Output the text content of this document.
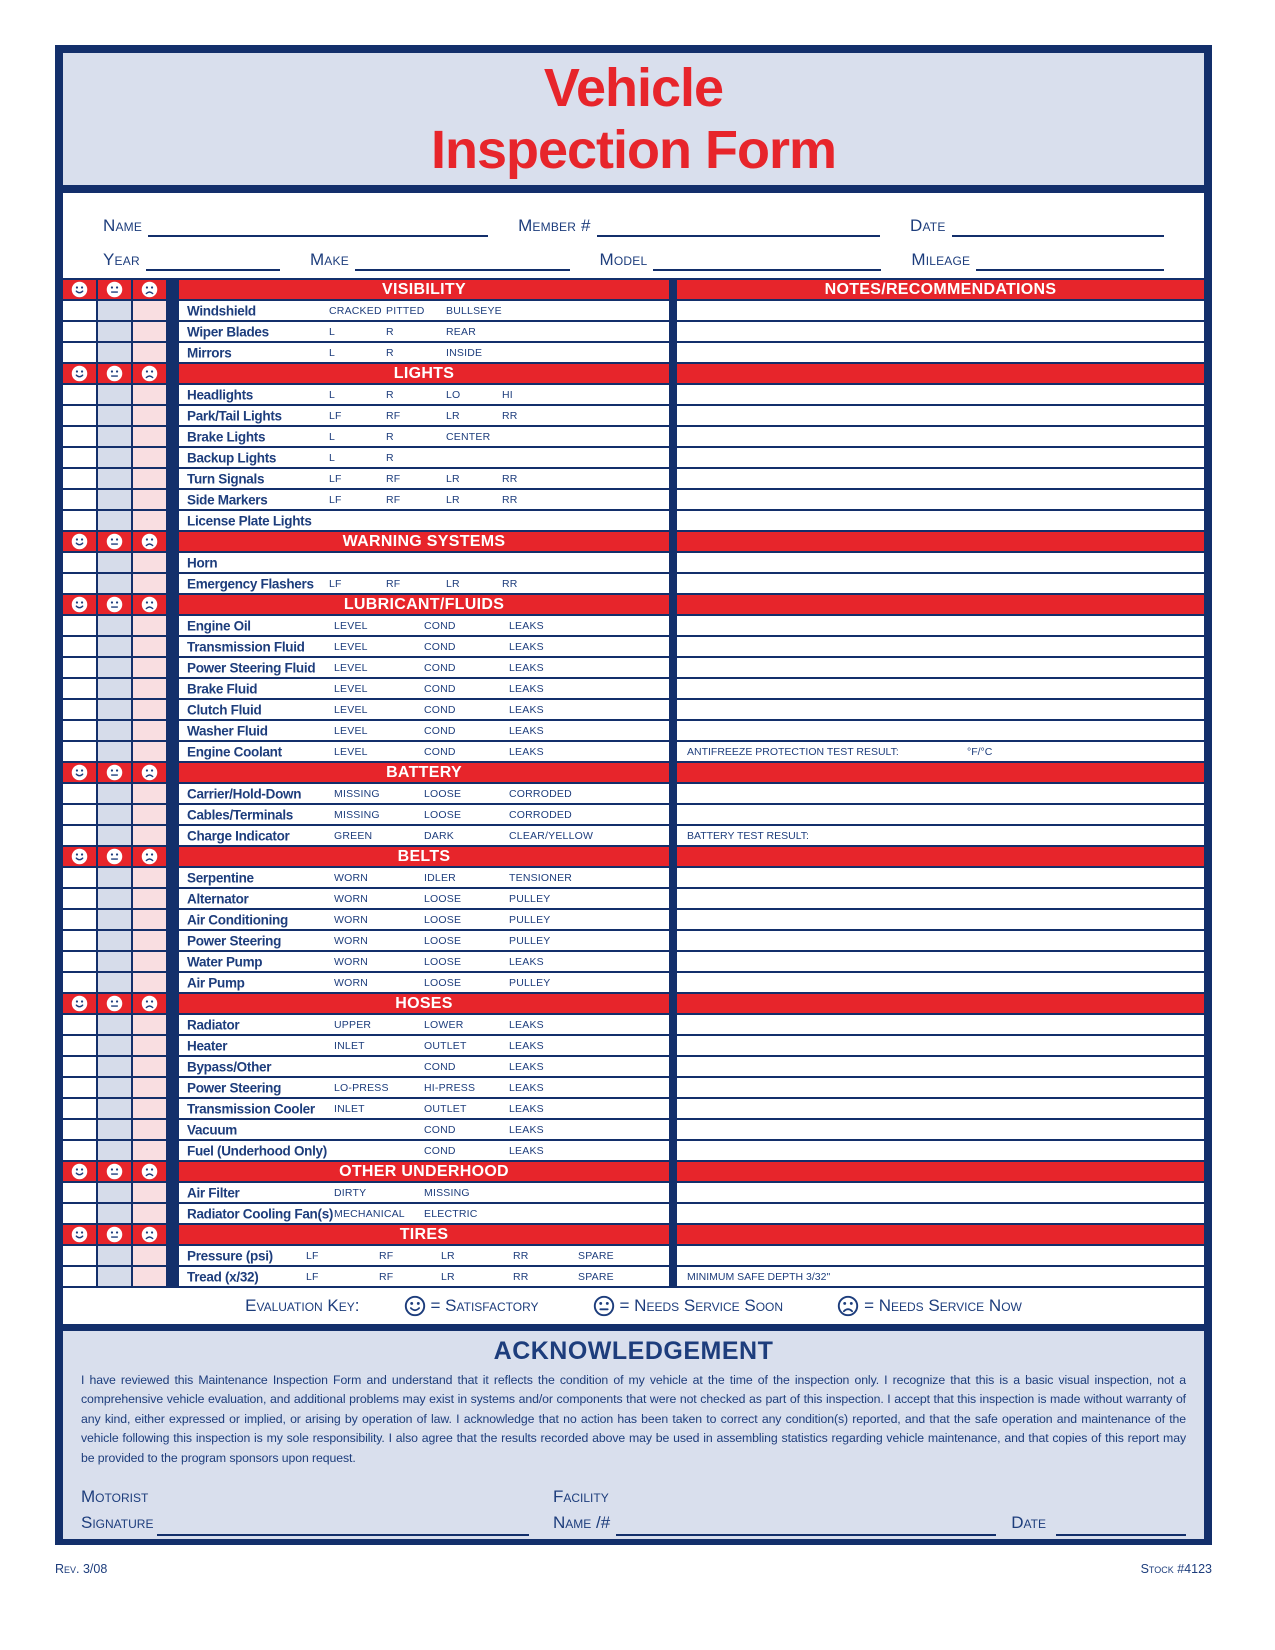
Vehicle
Inspection Form
Name	Member #	Date
Year	Make	Model	Mileage
VISIBILITY	NOTES/RECOMMENDATIONS
Windshield	CRACKED PITTED BULLSEYE
Wiper Blades	L	R	REAR
Mirrors	L	R	INSIDE
LIGHTS
Headlights	L	R	LO	HI
Park/Tail Lights	LF	RF	LR	RR
Brake Lights	L	R	CENTER
Backup Lights	L	R
Turn Signals	LF	RF	LR	RR
Side Markers	LF	RF	LR	RR
License Plate Lights
WARNING SYSTEMS
Horn
Emergency Flashers LF	RF	LR	RR
LUBRICANT/FLUIDS
Engine Oil	LEVEL	COND	LEAKS
Transmission Fluid	LEVEL	COND	LEAKS
Power Steering Fluid LEVEL	COND	LEAKS
Brake Fluid	LEVEL	COND	LEAKS
Clutch Fluid	LEVEL	COND	LEAKS
Washer Fluid	LEVEL	COND	LEAKS
Engine Coolant	LEVEL	COND	LEAKS	ANTIFREEZE PROTECTION TEST RESULT:	°F/°C
BATTERY
Carrier/Hold-Down	MISSING	LOOSE	CORRODED
Cables/Terminals	MISSING	LOOSE	CORRODED
Charge Indicator	GREEN	DARK	CLEAR/YELLOW	BATTERY TEST RESULT:
BELTS
Serpentine	WORN	IDLER	TENSIONER
Alternator	WORN	LOOSE	PULLEY
Air Conditioning	WORN	LOOSE	PULLEY
Power Steering	WORN	LOOSE	PULLEY
Water Pump	WORN	LOOSE	LEAKS
Air Pump	WORN	LOOSE	PULLEY
HOSES
Radiator	UPPER	LOWER	LEAKS
Heater	INLET	OUTLET	LEAKS
Bypass/Other	COND	LEAKS
Power Steering	LO-PRESS	HI-PRESS	LEAKS
Transmission Cooler INLET	OUTLET	LEAKS
Vacuum	COND	LEAKS
Fuel (Underhood Only)	COND	LEAKS
OTHER UNDERHOOD
Air Filter	DIRTY	MISSING
Radiator Cooling Fan(s) MECHANICAL ELECTRIC
TIRES
Pressure (psi)	LF	RF	LR	RR	SPARE
Tread (x/32)	LF	RF	LR	RR	SPARE	MINIMUM SAFE DEPTH 3/32"
Evaluation Key:	= Satisfactory	= Needs Service Soon	= Needs Service Now
ACKNOWLEDGEMENT
I have reviewed this Maintenance Inspection Form and understand that it reflects the condition of my vehicle at the time of the inspection only. I recognize that this is a basic visual inspection, not a comprehensive vehicle evaluation, and additional problems may exist in systems and/or components that were not checked as part of this inspection. I accept that this inspection is made without warranty of any kind, either expressed or implied, or arising by operation of law. I acknowledge that no action has been taken to correct any condition(s) reported, and that the safe operation and maintenance of the vehicle following this inspection is my sole responsibility. I also agree that the results recorded above may be used in assembling statistics regarding vehicle maintenance, and that copies of this report may be provided to the program sponsors upon request.
Motorist
Signature
Facility
Name /#	Date
Rev. 3/08	Stock #4123
